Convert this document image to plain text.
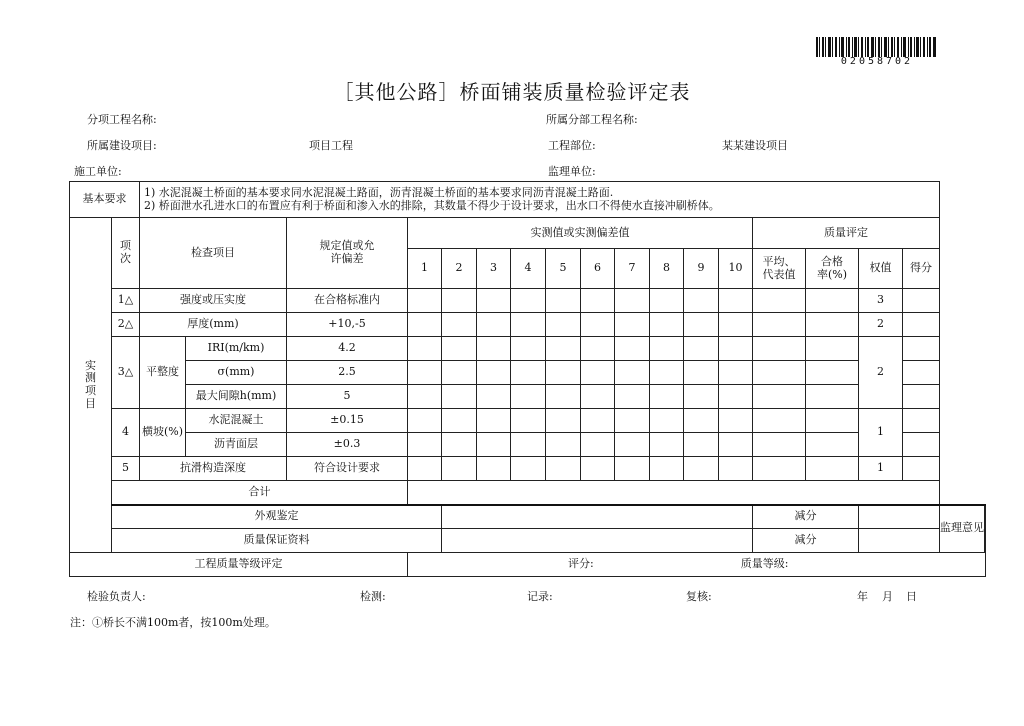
02058702
［其他公路］桥面铺装质量检验评定表
分项工程名称:	所属分部工程名称:
所属建设项目:	项目工程	工程部位:	某某建设项目
施工单位:	监理单位:
基本要求		1) 水泥混凝土桥面的基本要求同水泥混凝土路面，沥青混凝土桥面的基本要求同沥青混凝土路面.
2) 桥面泄水孔进水口的布置应有利于桥面和渗入水的排除，其数量不得少于设计要求，出水口不得使水直接冲刷桥体。																		

实测项目	项次	检查项目		规定值或允许偏差	实测值或实测偏差值										质量评定					
					1	2	3	4	5	6	7	8	9	10	平均、代表值	合格率(%)	权值	得分		
	1△	强度或压实度		在合格标准内													3			
	2△	厚度(mm)		+10,-5													2			
	3△	平整度	IRI(m/km)	4.2													2			
			σ(mm)	2.5																
			最大间隙h(mm)	5																
	4	横坡(%)	水泥混凝土	±0.15													1			
			沥青面层	±0.3																
	5	抗滑构造深度		符合设计要求													1			
	合计																			
	外观鉴定														减分				监理意见	
	质量保证资料														减分					
工程质量等级评定					评分: 质量等级:															
检验负责人:	检测:	记录:	复核:	年 月 日
注：①桥长不满100m者，按100m处理。
